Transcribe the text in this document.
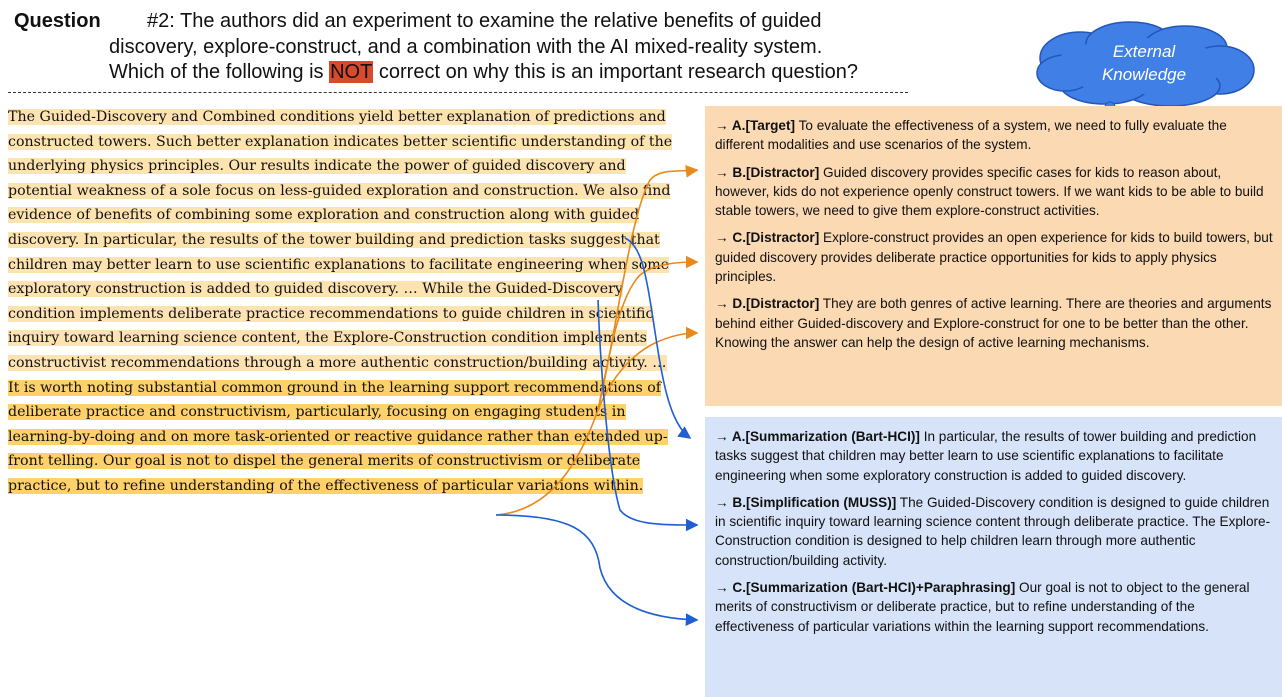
Question #2: The authors did an experiment to examine the relative benefits of guided
discovery, explore-construct, and a combination with the AI mixed-reality system.
Which of the following is NOT correct on why this is an important research question?
External
Knowledge
The Guided-Discovery and Combined conditions yield better explanation of predictions and constructed towers. Such better explanation indicates better scientific understanding of the underlying physics principles. Our results indicate the power of guided discovery and potential weakness of a sole focus on less-guided exploration and construction. We also find evidence of benefits of combining some exploration and construction along with guided discovery. In particular, the results of the tower building and prediction tasks suggest that children may better learn to use scientific explanations to facilitate engineering when some exploratory construction is added to guided discovery. … While the Guided-Discovery condition implements deliberate practice recommendations to guide children in scientific inquiry toward learning science content, the Explore-Construction condition implements constructivist recommendations through a more authentic construction/building activity. … It is worth noting substantial common ground in the learning support recommendations of deliberate practice and constructivism, particularly, focusing on engaging students in learning-by-doing and on more task-oriented or reactive guidance rather than extended up-front telling. Our goal is not to dispel the general merits of constructivism or deliberate practice, but to refine understanding of the effectiveness of particular variations within.
→ A.[Target] To evaluate the effectiveness of a system, we need to fully evaluate the different modalities and use scenarios of the system.
→ B.[Distractor] Guided discovery provides specific cases for kids to reason about, however, kids do not experience openly construct towers. If we want kids to be able to build stable towers, we need to give them explore-construct activities.
→ C.[Distractor] Explore-construct provides an open experience for kids to build towers, but guided discovery provides deliberate practice opportunities for kids to apply physics principles.
→ D.[Distractor] They are both genres of active learning. There are theories and arguments behind either Guided-discovery and Explore-construct for one to be better than the other. Knowing the answer can help the design of active learning mechanisms.
→ A.[Summarization (Bart-HCI)] In particular, the results of tower building and prediction tasks suggest that children may better learn to use scientific explanations to facilitate engineering when some exploratory construction is added to guided discovery.
→ B.[Simplification (MUSS)] The Guided-Discovery condition is designed to guide children in scientific inquiry toward learning science content through deliberate practice. The Explore-Construction condition is designed to help children learn through more authentic construction/building activity.
→ C.[Summarization (Bart-HCI)+Paraphrasing] Our goal is not to object to the general merits of constructivism or deliberate practice, but to refine understanding of the effectiveness of particular variations within the learning support recommendations.
